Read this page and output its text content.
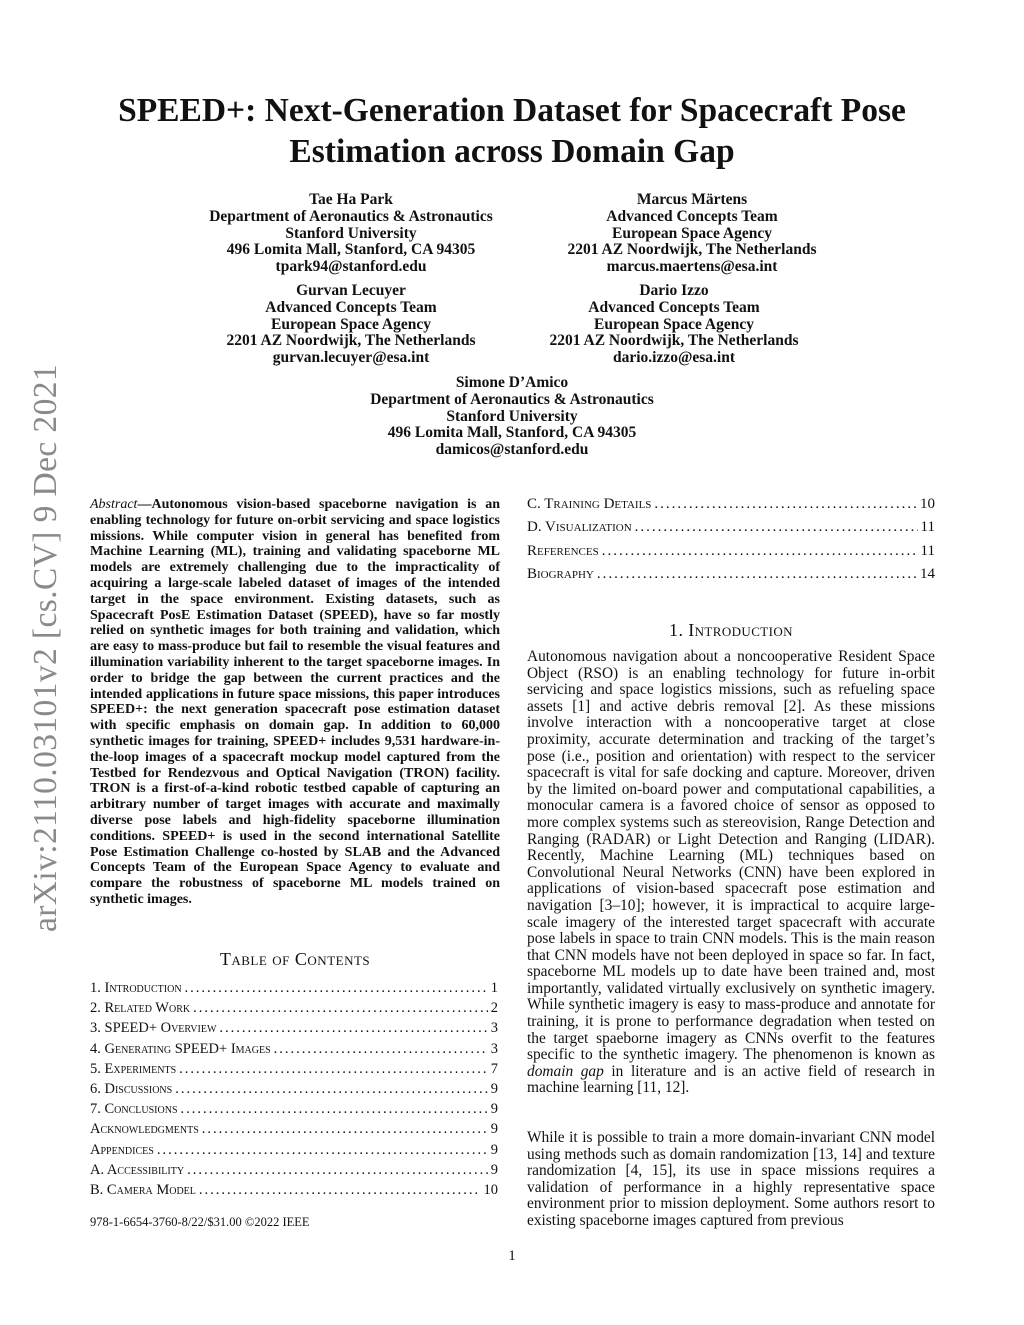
arXiv:2110.03101v2 [cs.CV] 9 Dec 2021
SPEED+: Next-Generation Dataset for Spacecraft Pose Estimation across Domain Gap
Tae Ha Park
Department of Aeronautics & Astronautics
Stanford University
496 Lomita Mall, Stanford, CA 94305
tpark94@stanford.edu
Marcus Märtens
Advanced Concepts Team
European Space Agency
2201 AZ Noordwijk, The Netherlands
marcus.maertens@esa.int
Gurvan Lecuyer
Advanced Concepts Team
European Space Agency
2201 AZ Noordwijk, The Netherlands
gurvan.lecuyer@esa.int
Dario Izzo
Advanced Concepts Team
European Space Agency
2201 AZ Noordwijk, The Netherlands
dario.izzo@esa.int
Simone D’Amico
Department of Aeronautics & Astronautics
Stanford University
496 Lomita Mall, Stanford, CA 94305
damicos@stanford.edu
Abstract—Autonomous vision-based spaceborne navigation is an enabling technology for future on-orbit servicing and space logistics missions. While computer vision in general has benefited from Machine Learning (ML), training and validating spaceborne ML models are extremely challenging due to the impracticality of acquiring a large-scale labeled dataset of images of the intended target in the space environment. Existing datasets, such as Spacecraft PosE Estimation Dataset (SPEED), have so far mostly relied on synthetic images for both training and validation, which are easy to mass-produce but fail to resemble the visual features and illumination variability inherent to the target spaceborne images. In order to bridge the gap between the current practices and the intended applications in future space missions, this paper introduces SPEED+: the next generation spacecraft pose estimation dataset with specific emphasis on domain gap. In addition to 60,000 synthetic images for training, SPEED+ includes 9,531 hardware-in-the-loop images of a spacecraft mockup model captured from the Testbed for Rendezvous and Optical Navigation (TRON) facility. TRON is a first-of-a-kind robotic testbed capable of capturing an arbitrary number of target images with accurate and maximally diverse pose labels and high-fidelity spaceborne illumination conditions. SPEED+ is used in the second international Satellite Pose Estimation Challenge co-hosted by SLAB and the Advanced Concepts Team of the European Space Agency to evaluate and compare the robustness of spaceborne ML models trained on synthetic images.
Table of Contents
1. Introduction .....	1
2. Related Work .....	2
3. SPEED+ Overview .....	3
4. Generating SPEED+ Images .....	3
5. Experiments .....	7
6. Discussions .....	9
7. Conclusions .....	9
Acknowledgments .....	9
Appendices .....	9
A. Accessibility .....	9
B. Camera Model .....	10
978-1-6654-3760-8/22/$31.00 ©2022 IEEE
C. Training Details .....	10
D. Visualization .....	11
References .....	11
Biography .....	14
1. Introduction
Autonomous navigation about a noncooperative Resident Space Object (RSO) is an enabling technology for future in-orbit servicing and space logistics missions, such as refueling space assets [1] and active debris removal [2]. As these missions involve interaction with a noncooperative target at close proximity, accurate determination and tracking of the target’s pose (i.e., position and orientation) with respect to the servicer spacecraft is vital for safe docking and capture. Moreover, driven by the limited on-board power and computational capabilities, a monocular camera is a favored choice of sensor as opposed to more complex systems such as stereovision, Range Detection and Ranging (RADAR) or Light Detection and Ranging (LIDAR). Recently, Machine Learning (ML) techniques based on Convolutional Neural Networks (CNN) have been explored in applications of vision-based spacecraft pose estimation and navigation [3–10]; however, it is impractical to acquire large-scale imagery of the interested target spacecraft with accurate pose labels in space to train CNN models. This is the main reason that CNN models have not been deployed in space so far. In fact, spaceborne ML models up to date have been trained and, most importantly, validated virtually exclusively on synthetic imagery. While synthetic imagery is easy to mass-produce and annotate for training, it is prone to performance degradation when tested on the target spaeborne imagery as CNNs overfit to the features specific to the synthetic imagery. The phenomenon is known as domain gap in literature and is an active field of research in machine learning [11, 12].
While it is possible to train a more domain-invariant CNN model using methods such as domain randomization [13, 14] and texture randomization [4, 15], its use in space missions requires a validation of performance in a highly representative space environment prior to mission deployment. Some authors resort to existing spaceborne images captured from previous
1
